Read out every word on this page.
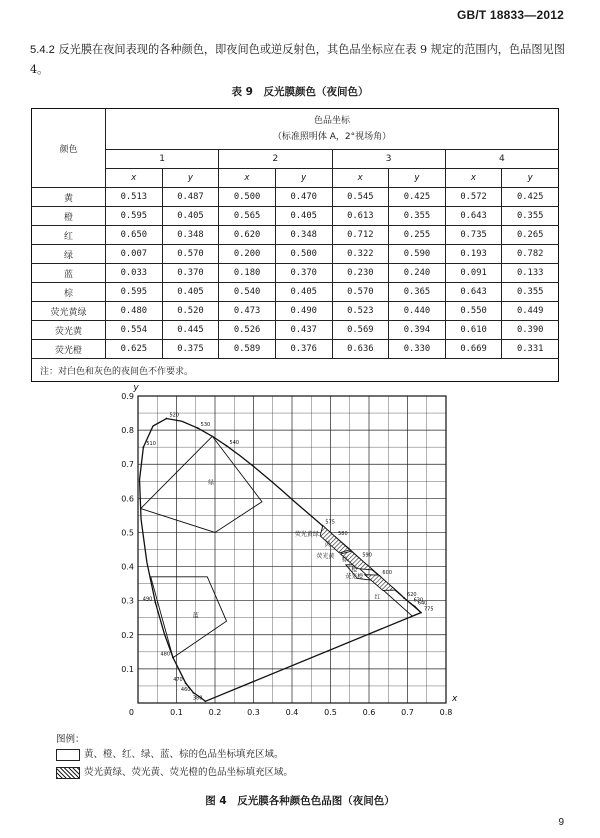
GB/T 18833—2012
5.4.2 反光膜在夜间表现的各种颜色，即夜间色或逆反射色，其色品坐标应在表 9 规定的范围内，色品图见图 4。
表 9　反光膜颜色（夜间色）
颜色	色品坐标
（标准照明体 A，2°视场角）							

	1		2		3		4	
	x	y	x	y	x	y	x	y
黄	0.513	0.487	0.500	0.470	0.545	0.425	0.572	0.425
橙	0.595	0.405	0.565	0.405	0.613	0.355	0.643	0.355
红	0.650	0.348	0.620	0.348	0.712	0.255	0.735	0.265
绿	0.007	0.570	0.200	0.500	0.322	0.590	0.193	0.782
蓝	0.033	0.370	0.180	0.370	0.230	0.240	0.091	0.133
棕	0.595	0.405	0.540	0.405	0.570	0.365	0.643	0.355
荧光黄绿	0.480	0.520	0.473	0.490	0.523	0.440	0.550	0.449
荧光黄	0.554	0.445	0.526	0.437	0.569	0.394	0.610	0.390
荧光橙	0.625	0.375	0.589	0.376	0.636	0.330	0.669	0.331
注：对白色和灰色的夜间色不作要求。								
0.1	0.2	0.3	0.4	0.5	0.6	0.7	0.8
0.1
0.2
0.3
0.4
0.5
0.6
0.7
0.8
0.9
0
x
y
520
510
530
540
575
580
590
600
620
630
640
775
490
480
470
460
380
绿
蓝
荧光黄绿
黄
荧光黄 棕
橙
荧光橙
红
图 4　反光膜各种颜色色品图（夜间色）
图例：
黄、橙、红、绿、蓝、棕的色品坐标填充区域。
荧光黄绿、荧光黄、荧光橙的色品坐标填充区域。
9
